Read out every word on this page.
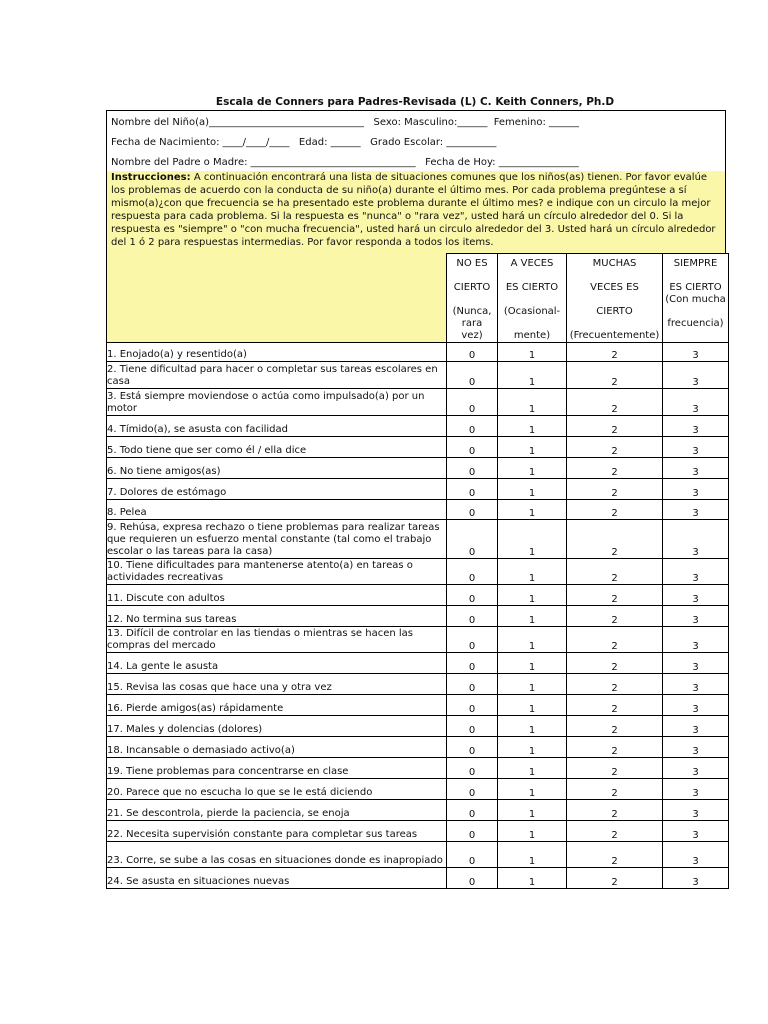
Escala de Conners para Padres-Revisada (L) C. Keith Conners, Ph.D
Nombre del Niño(a)_______________________________   Sexo: Masculino:______  Femenino: ______
Fecha de Nacimiento: ____/____/____   Edad: ______   Grado Escolar: __________
Nombre del Padre o Madre: _________________________________   Fecha de Hoy: ________________
Instrucciones: A continuación encontrará una lista de situaciones comunes que los niños(as) tienen. Por favor evalúe los problemas de acuerdo con la conducta de su niño(a) durante el último mes. Por cada problema pregúntese a sí mismo(a)¿con que frecuencia se ha presentado este problema durante el último mes? e indique con un circulo la mejor respuesta para cada problema. Si la respuesta es "nunca" o "rara vez", usted hará un círculo alrededor del 0. Si la respuesta es "siempre" o "con mucha frecuencia", usted hará un circulo alrededor del 3. Usted hará un círculo alrededor del 1 ó 2 para respuestas intermedias. Por favor responda a todos los items.

	NO ES
CIERTO
(Nunca, rara
vez)	A VECES
ES CIERTO
(Ocasional-
mente)	MUCHAS
VECES ES
CIERTO
(Frecuentemente)	SIEMPRE
ES CIERTO
(Con mucha
frecuencia)

1. Enojado(a) y resentido(a)	0	1	2	3
2. Tiene dificultad para hacer o completar sus tareas escolares en casa	0	1	2	3
3. Está siempre moviendose o actúa como impulsado(a) por un motor	0	1	2	3
4. Tímido(a), se asusta con facilidad	0	1	2	3
5. Todo tiene que ser como él / ella dice	0	1	2	3
6. No tiene amigos(as)	0	1	2	3
7. Dolores de estómago	0	1	2	3
8. Pelea	0	1	2	3
9. Rehúsa, expresa rechazo o tiene problemas para realizar tareas que requieren un esfuerzo mental constante (tal como el trabajo escolar o las tareas para la casa)	0	1	2	3
10. Tiene dificultades para mantenerse atento(a) en tareas o actividades recreativas	0	1	2	3
11. Discute con adultos	0	1	2	3
12. No termina sus tareas	0	1	2	3
13. Difícil de controlar en las tiendas o mientras se hacen las compras del mercado	0	1	2	3
14. La gente le asusta	0	1	2	3
15. Revisa las cosas que hace una y otra vez	0	1	2	3
16. Pierde amigos(as) rápidamente	0	1	2	3
17. Males y dolencias (dolores)	0	1	2	3
18. Incansable o demasiado activo(a)	0	1	2	3
19. Tiene problemas para concentrarse en clase	0	1	2	3
20. Parece que no escucha lo que se le está diciendo	0	1	2	3
21. Se descontrola, pierde la paciencia, se enoja	0	1	2	3
22. Necesita supervisión constante para completar sus tareas	0	1	2	3
23. Corre, se sube a las cosas en situaciones donde es inapropiado	0	1	2	3
24. Se asusta en situaciones nuevas	0	1	2	3
